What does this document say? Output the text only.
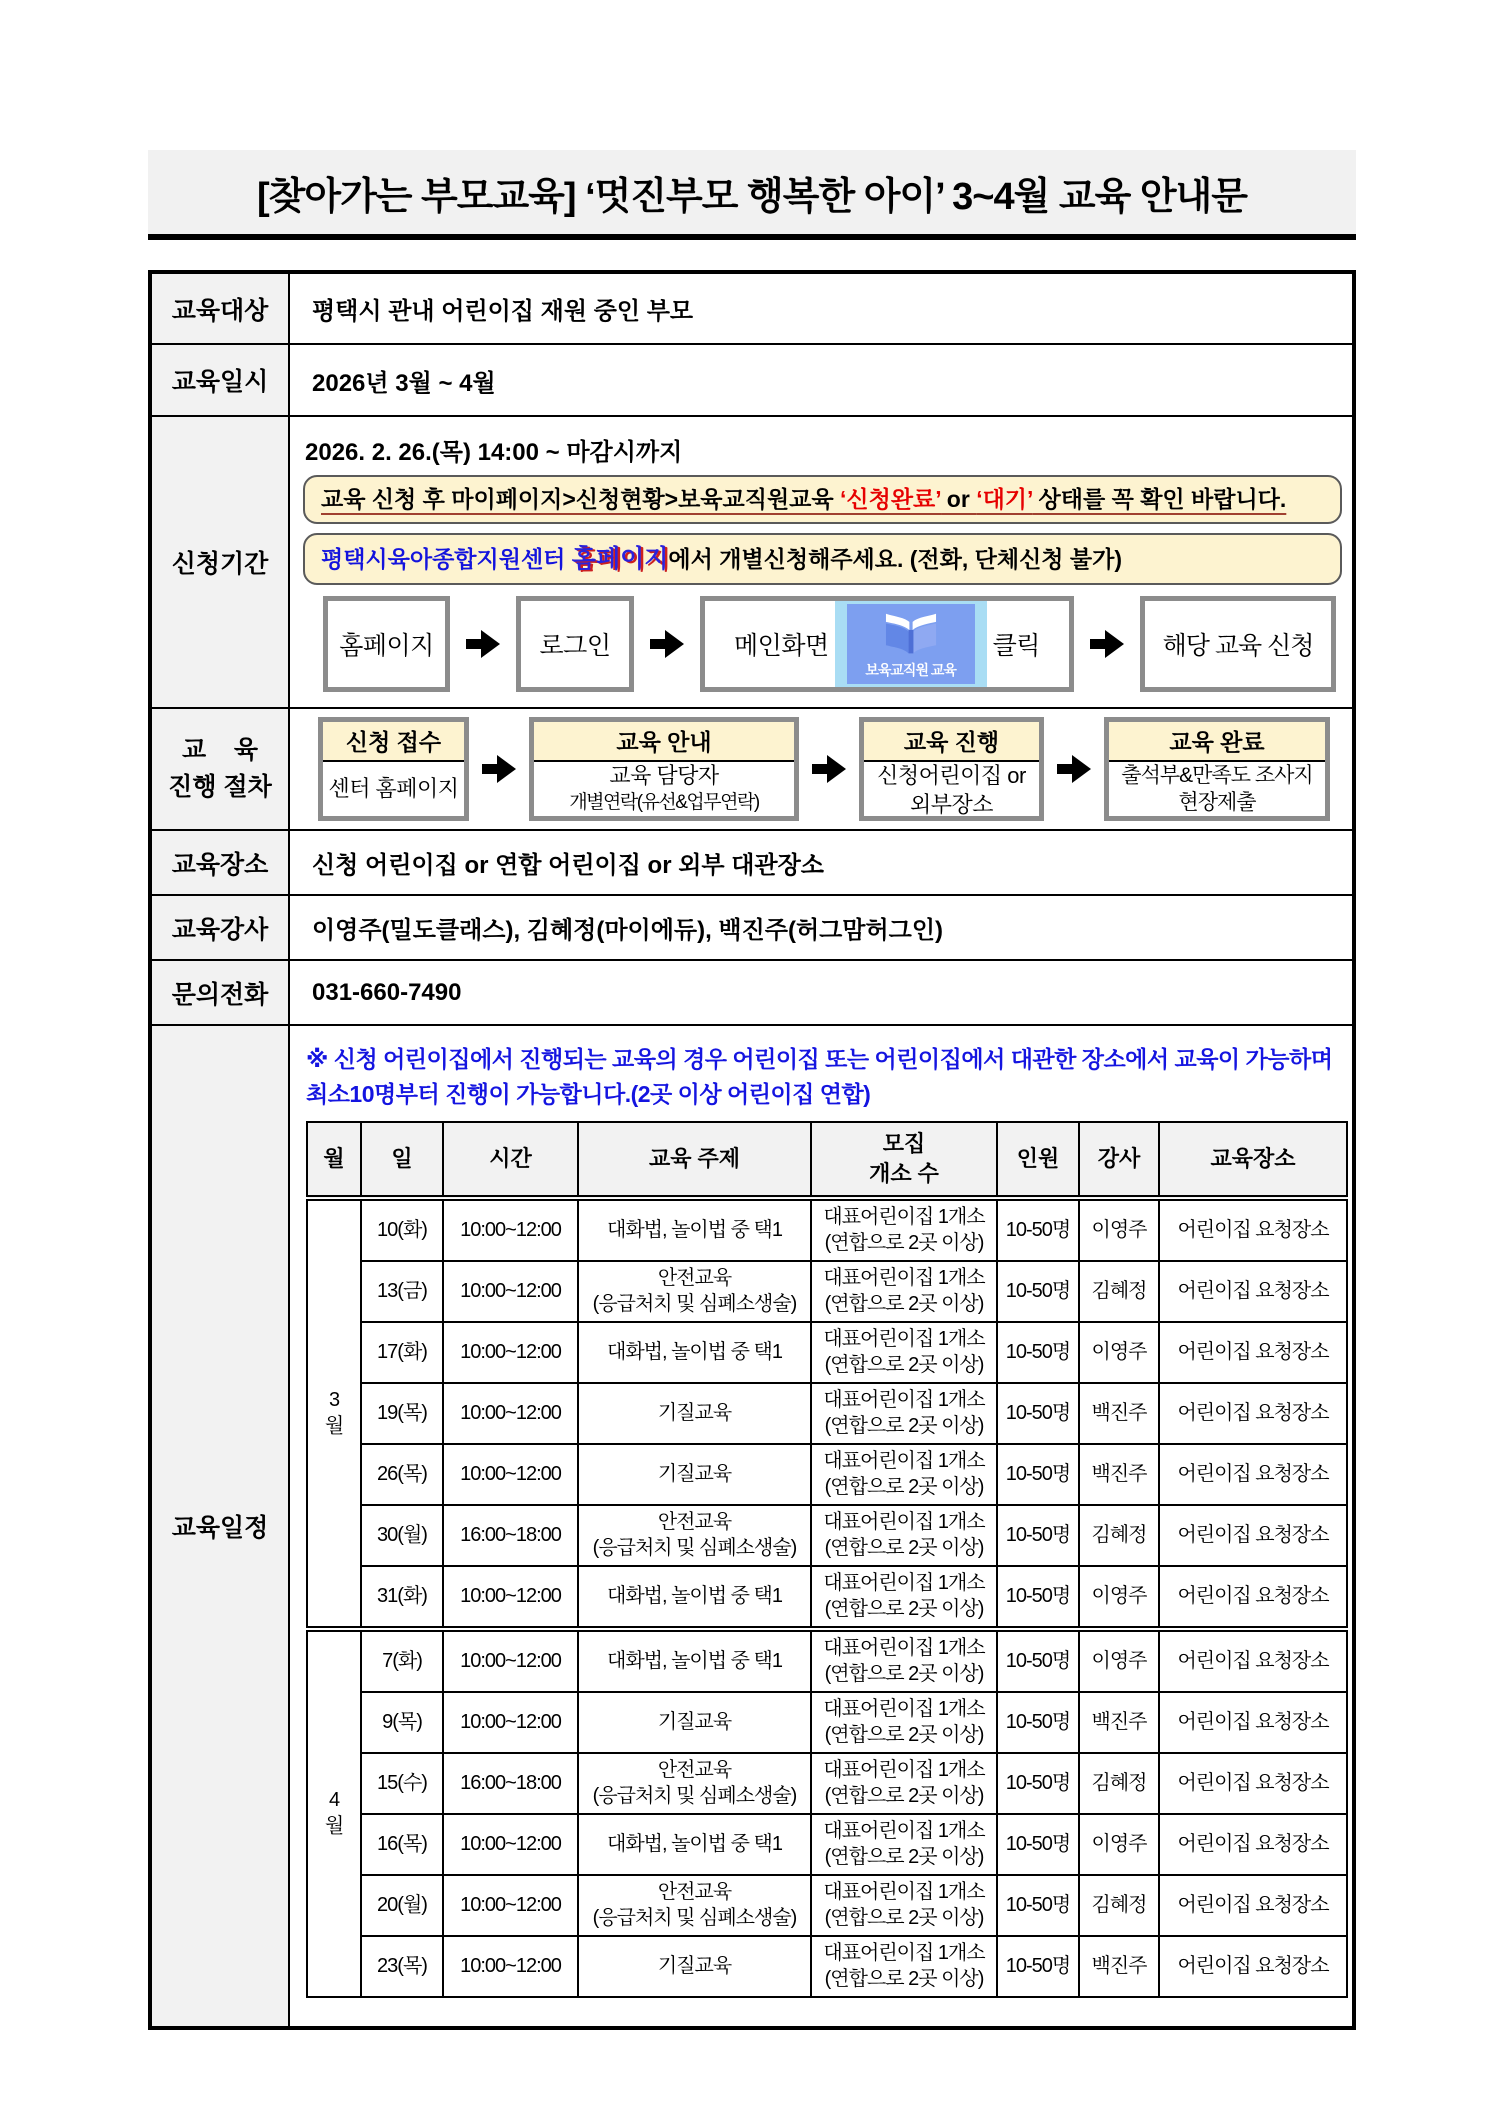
[찾아가는 부모교육] ‘멋진부모 행복한 아이’ 3~4월 교육 안내문
교육대상	평택시 관내 어린이집 재원 중인 부모
교육일시	2026년 3월 ~ 4월
신청기간	
2026. 2. 26.(목) 14:00 ~ 마감시까지
교육 신청 후 마이페이지>신청현황>보육교직원교육 ‘신청완료’ or ‘대기’ 상태를 꼭 확인 바랍니다.
평택시육아종합지원센터 홈페이지에서 개별신청해주세요. (전화, 단체신청 불가)
홈페이지	로그인	메인화면
보육교직원 교육
클릭	해당 교육 신청

교    육
진행 절차

신청 접수
센터 홈페이지
교육 안내
교육 담당자
개별연락(유선&업무연락)
교육 진행
신청어린이집 or
외부장소
교육 완료
출석부&만족도 조사지
현장제출

교육장소	신청 어린이집 or 연합 어린이집 or 외부 대관장소
교육강사	이영주(밀도클래스), 김혜정(마이에듀), 백진주(허그맘허그인)
문의전화	031-660-7490
교육일정	
※ 신청 어린이집에서 진행되는 교육의 경우 어린이집 또는 어린이집에서 대관한 장소에서 교육이 가능하며
최소10명부터 진행이 가능합니다.(2곳 이상 어린이집 연합)
월	일	시간	교육 주제	모집
개소 수	인원	강사	교육장소
3
월	10(화)	10:00~12:00	대화법, 놀이법 중 택1	대표어린이집 1개소
(연합으로 2곳 이상)	10-50명	이영주	어린이집 요청장소
13(금)	10:00~12:00	안전교육
(응급처치 및 심폐소생술)	대표어린이집 1개소
(연합으로 2곳 이상)	10-50명	김혜정	어린이집 요청장소
17(화)	10:00~12:00	대화법, 놀이법 중 택1	대표어린이집 1개소
(연합으로 2곳 이상)	10-50명	이영주	어린이집 요청장소
19(목)	10:00~12:00	기질교육	대표어린이집 1개소
(연합으로 2곳 이상)	10-50명	백진주	어린이집 요청장소
26(목)	10:00~12:00	기질교육	대표어린이집 1개소
(연합으로 2곳 이상)	10-50명	백진주	어린이집 요청장소
30(월)	16:00~18:00	안전교육
(응급처치 및 심폐소생술)	대표어린이집 1개소
(연합으로 2곳 이상)	10-50명	김혜정	어린이집 요청장소
31(화)	10:00~12:00	대화법, 놀이법 중 택1	대표어린이집 1개소
(연합으로 2곳 이상)	10-50명	이영주	어린이집 요청장소
4
월	7(화)	10:00~12:00	대화법, 놀이법 중 택1	대표어린이집 1개소
(연합으로 2곳 이상)	10-50명	이영주	어린이집 요청장소
9(목)	10:00~12:00	기질교육	대표어린이집 1개소
(연합으로 2곳 이상)	10-50명	백진주	어린이집 요청장소
15(수)	16:00~18:00	안전교육
(응급처치 및 심폐소생술)	대표어린이집 1개소
(연합으로 2곳 이상)	10-50명	김혜정	어린이집 요청장소
16(목)	10:00~12:00	대화법, 놀이법 중 택1	대표어린이집 1개소
(연합으로 2곳 이상)	10-50명	이영주	어린이집 요청장소
20(월)	10:00~12:00	안전교육
(응급처치 및 심폐소생술)	대표어린이집 1개소
(연합으로 2곳 이상)	10-50명	김혜정	어린이집 요청장소
23(목)	10:00~12:00	기질교육	대표어린이집 1개소
(연합으로 2곳 이상)	10-50명	백진주	어린이집 요청장소
